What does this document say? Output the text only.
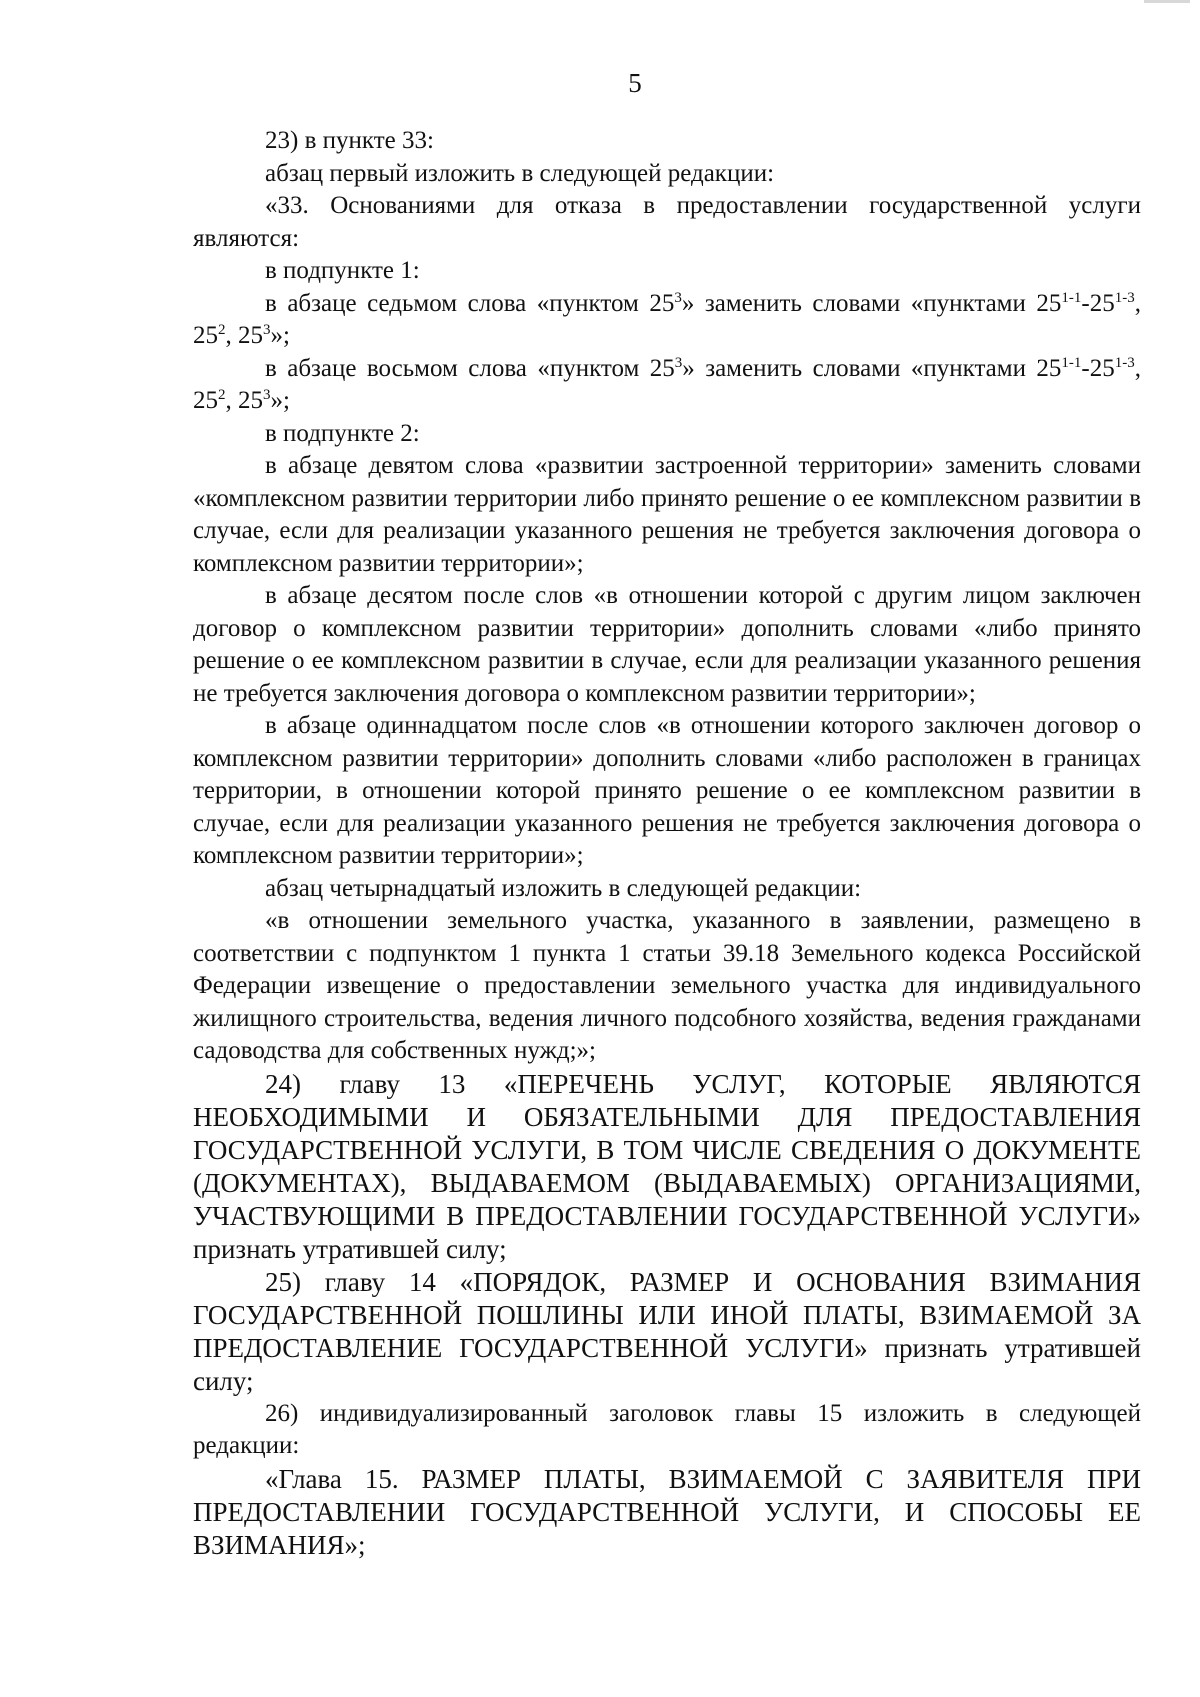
5

23) в пункте 33:

абзац первый изложить в следующей редакции:

«33. Основаниями для отказа в предоставлении государственной услуги являются:

в подпункте 1:

в абзаце седьмом слова «пунктом $25^3$» заменить словами «пунктами 25$^{1-1}$-25$^{1-3}$, $25^2$, $25^3$»;

в абзаце восьмом слова «пунктом $25^3$» заменить словами «пунктами 25$^{1-1}$-25$^{1-3}$, $25^2$, $25^3$»;

в подпункте 2:

в абзаце девятом слова «развитии застроенной территории» заменить словами «комплексном развитии территории либо принято решение о ее комплексном развитии в случае, если для реализации указанного решения не требуется заключения договора о комплексном развитии территории»;

в абзаце десятом после слов «в отношении которой с другим лицом заключен договор о комплексном развитии территории» дополнить словами «либо принято решение о ее комплексном развитии в случае, если для реализации указанного решения не требуется заключения договора о комплексном развитии территории»;

в абзаце одиннадцатом после слов «в отношении которого заключен договор о комплексном развитии территории» дополнить словами «либо расположен в границах территории, в отношении которой принято решение о ее комплексном развитии в случае, если для реализации указанного решения не требуется заключения договора о комплексном развитии территории»;

абзац четырнадцатый изложить в следующей редакции:

«в отношении земельного участка, указанного в заявлении, размещено в соответствии с подпунктом 1 пункта 1 статьи 39.18 Земельного кодекса Российской Федерации извещение о предоставлении земельного участка для индивидуального жилищного строительства, ведения личного подсобного хозяйства, ведения гражданами садоводства для собственных нужд;»;

24) главу 13 «ПЕРЕЧЕНЬ УСЛУГ, КОТОРЫЕ ЯВЛЯЮТСЯ НЕОБХОДИМЫМИ И ОБЯЗАТЕЛЬНЫМИ ДЛЯ ПРЕДОСТАВЛЕНИЯ ГОСУДАРСТВЕННОЙ УСЛУГИ, В ТОМ ЧИСЛЕ СВЕДЕНИЯ О ДОКУМЕНТЕ (ДОКУМЕНТАХ), ВЫДАВАЕМОМ (ВЫДАВАЕМЫХ) ОРГАНИЗАЦИЯМИ, УЧАСТВУЮЩИМИ В ПРЕДОСТАВЛЕНИИ ГОСУДАРСТВЕННОЙ УСЛУГИ» признать утратившей силу;

25) главу 14 «ПОРЯДОК, РАЗМЕР И ОСНОВАНИЯ ВЗИМАНИЯ ГОСУДАРСТВЕННОЙ ПОШЛИНЫ ИЛИ ИНОЙ ПЛАТЫ, ВЗИМАЕМОЙ ЗА ПРЕДОСТАВЛЕНИЕ ГОСУДАРСТВЕННОЙ УСЛУГИ» признать утратившей силу;

26) индивидуализированный заголовок главы 15 изложить в следующей редакции:

«Глава 15. РАЗМЕР ПЛАТЫ, ВЗИМАЕМОЙ С ЗАЯВИТЕЛЯ ПРИ ПРЕДОСТАВЛЕНИИ ГОСУДАРСТВЕННОЙ УСЛУГИ, И СПОСОБЫ ЕЕ ВЗИМАНИЯ»;
